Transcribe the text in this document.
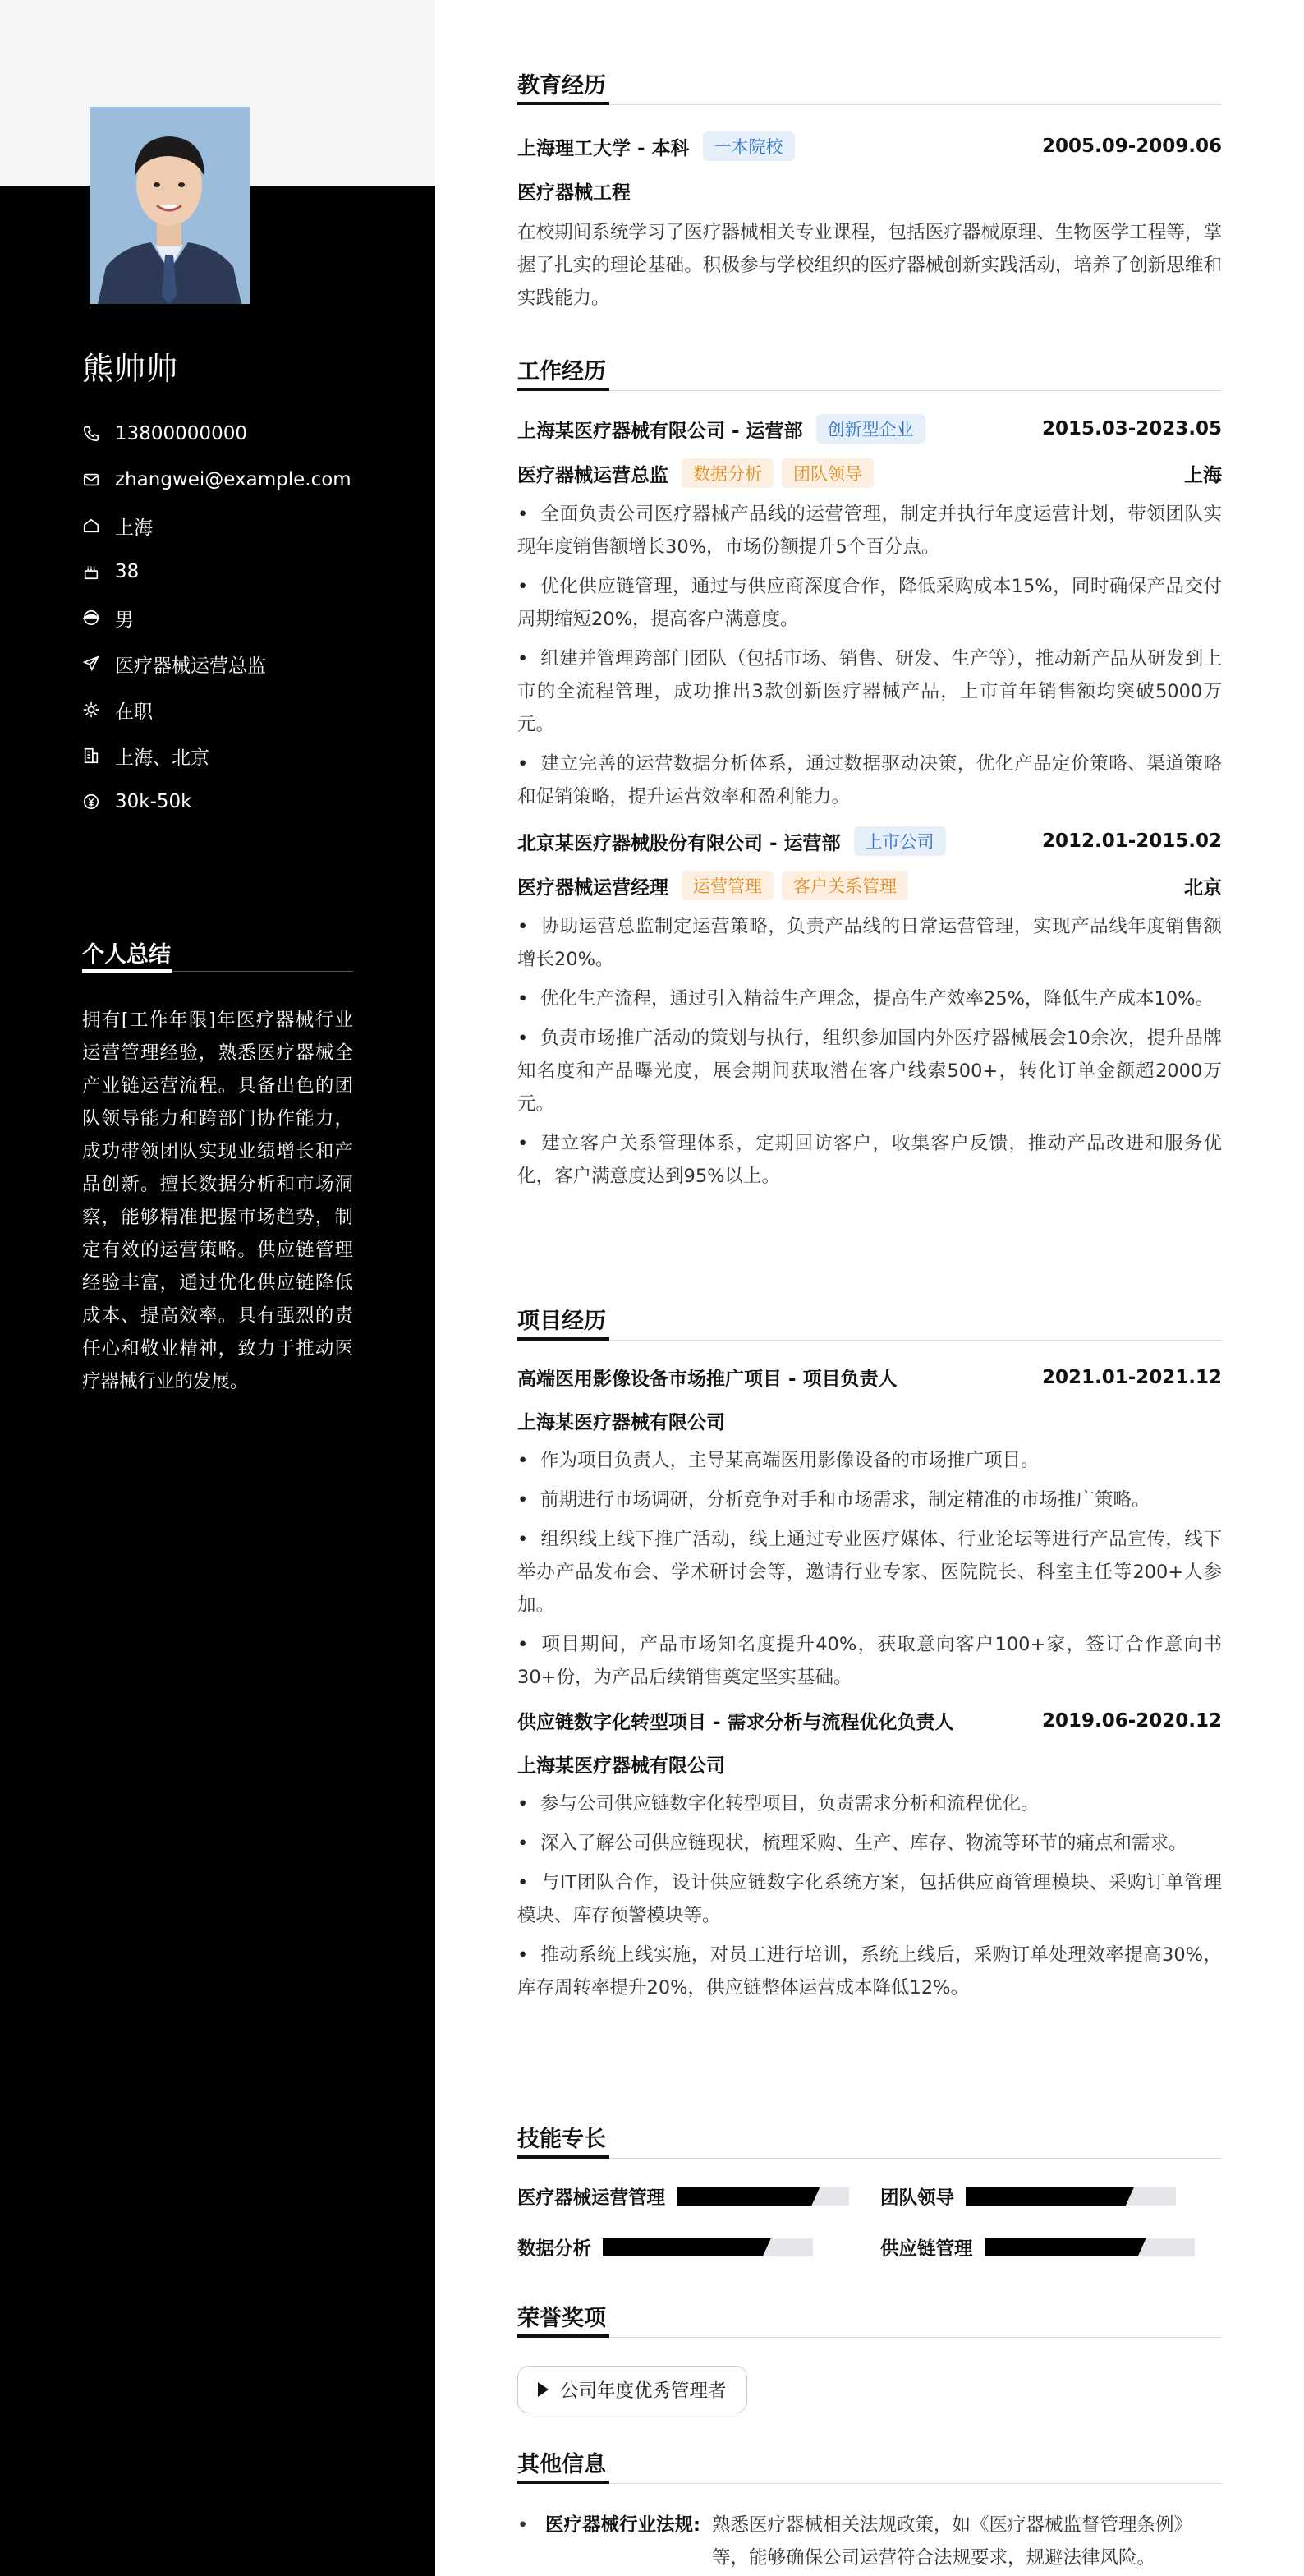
熊帅帅
13800000000
zhangwei@example.com
上海
38
男
医疗器械运营总监
在职
上海、北京
30k-50k
个人总结
拥有[工作年限]年医疗器械行业运营管理经验，熟悉医疗器械全产业链运营流程。具备出色的团队领导能力和跨部门协作能力，成功带领团队实现业绩增长和产品创新。擅长数据分析和市场洞察，能够精准把握市场趋势，制定有效的运营策略。供应链管理经验丰富，通过优化供应链降低成本、提高效率。具有强烈的责任心和敬业精神，致力于推动医疗器械行业的发展。
教育经历
上海理工大学 - 本科	一本院校	2005.09-2009.06
医疗器械工程
在校期间系统学习了医疗器械相关专业课程，包括医疗器械原理、生物医学工程等，掌握了扎实的理论基础。积极参与学校组织的医疗器械创新实践活动，培养了创新思维和实践能力。
工作经历
上海某医疗器械有限公司 - 运营部	创新型企业	2015.03-2023.05
医疗器械运营总监	数据分析	团队领导	上海
• 全面负责公司医疗器械产品线的运营管理，制定并执行年度运营计划，带领团队实现年度销售额增长30%，市场份额提升5个百分点。
• 优化供应链管理，通过与供应商深度合作，降低采购成本15%，同时确保产品交付周期缩短20%，提高客户满意度。
• 组建并管理跨部门团队（包括市场、销售、研发、生产等），推动新产品从研发到上市的全流程管理，成功推出3款创新医疗器械产品，上市首年销售额均突破5000万元。
• 建立完善的运营数据分析体系，通过数据驱动决策，优化产品定价策略、渠道策略和促销策略，提升运营效率和盈利能力。
北京某医疗器械股份有限公司 - 运营部	上市公司	2012.01-2015.02
医疗器械运营经理	运营管理	客户关系管理	北京
• 协助运营总监制定运营策略，负责产品线的日常运营管理，实现产品线年度销售额增长20%。
• 优化生产流程，通过引入精益生产理念，提高生产效率25%，降低生产成本10%。
• 负责市场推广活动的策划与执行，组织参加国内外医疗器械展会10余次，提升品牌知名度和产品曝光度，展会期间获取潜在客户线索500+，转化订单金额超2000万元。
• 建立客户关系管理体系，定期回访客户，收集客户反馈，推动产品改进和服务优化，客户满意度达到95%以上。
项目经历
高端医用影像设备市场推广项目 - 项目负责人	2021.01-2021.12
上海某医疗器械有限公司
• 作为项目负责人，主导某高端医用影像设备的市场推广项目。
• 前期进行市场调研，分析竞争对手和市场需求，制定精准的市场推广策略。
• 组织线上线下推广活动，线上通过专业医疗媒体、行业论坛等进行产品宣传，线下举办产品发布会、学术研讨会等，邀请行业专家、医院院长、科室主任等200+人参加。
• 项目期间，产品市场知名度提升40%，获取意向客户100+家，签订合作意向书30+份，为产品后续销售奠定坚实基础。
供应链数字化转型项目 - 需求分析与流程优化负责人	2019.06-2020.12
上海某医疗器械有限公司
• 参与公司供应链数字化转型项目，负责需求分析和流程优化。
• 深入了解公司供应链现状，梳理采购、生产、库存、物流等环节的痛点和需求。
• 与IT团队合作，设计供应链数字化系统方案，包括供应商管理模块、采购订单管理模块、库存预警模块等。
• 推动系统上线实施，对员工进行培训，系统上线后，采购订单处理效率提高30%，库存周转率提升20%，供应链整体运营成本降低12%。
技能专长
医疗器械运营管理	团队领导
数据分析	供应链管理
荣誉奖项
公司年度优秀管理者
其他信息
• 医疗器械行业法规: 熟悉医疗器械相关法规政策，如《医疗器械监督管理条例》等，能够确保公司运营符合法规要求，规避法律风险。
